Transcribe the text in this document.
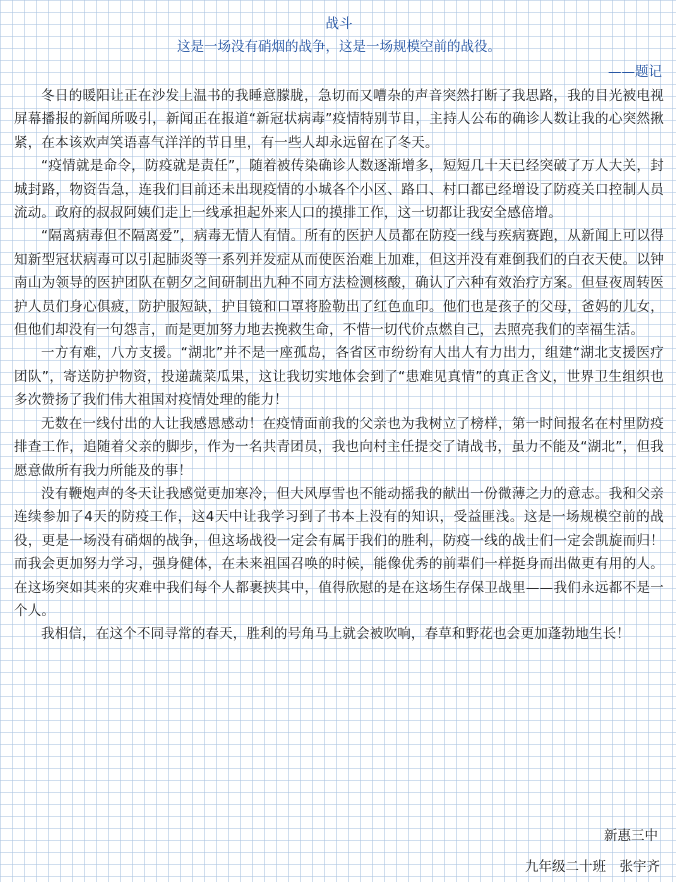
战斗

这是一场没有硝烟的战争，这是一场规模空前的战役。

——题记

冬日的暖阳让正在沙发上温书的我睡意朦胧，急切而又嘈杂的声音突然打断了我思路，我的目光被电视屏幕播报的新闻所吸引，新闻正在报道“新冠状病毒”疫情特别节目，主持人公布的确诊人数让我的心突然揪紧，在本该欢声笑语喜气洋洋的节日里，有一些人却永远留在了冬天。

“疫情就是命令，防疫就是责任”，随着被传染确诊人数逐渐增多，短短几十天已经突破了万人大关，封城封路，物资告急，连我们目前还未出现疫情的小城各个小区、路口、村口都已经增设了防疫关口控制人员流动。政府的叔叔阿姨们走上一线承担起外来人口的摸排工作，这一切都让我安全感倍增。

“隔离病毒但不隔离爱”，病毒无情人有情。所有的医护人员都在防疫一线与疾病赛跑，从新闻上可以得知新型冠状病毒可以引起肺炎等一系列并发症从而使医治难上加难，但这并没有难倒我们的白衣天使。以钟南山为领导的医护团队在朝夕之间研制出九种不同方法检测核酸，确认了六种有效治疗方案。但昼夜周转医护人员们身心俱疲，防护服短缺，护目镜和口罩将脸勒出了红色血印。他们也是孩子的父母，爸妈的儿女，但他们却没有一句怨言，而是更加努力地去挽救生命，不惜一切代价点燃自己，去照亮我们的幸福生活。

一方有难，八方支援。“湖北”并不是一座孤岛，各省区市纷纷有人出人有力出力，组建“湖北支援医疗团队”，寄送防护物资，投递蔬菜瓜果，这让我切实地体会到了“患难见真情”的真正含义，世界卫生组织也多次赞扬了我们伟大祖国对疫情处理的能力！

无数在一线付出的人让我感恩感动！在疫情面前我的父亲也为我树立了榜样，第一时间报名在村里防疫排查工作，追随着父亲的脚步，作为一名共青团员，我也向村主任提交了请战书，虽力不能及“湖北”，但我愿意做所有我力所能及的事！

没有鞭炮声的冬天让我感觉更加寒冷，但大风厚雪也不能动摇我的献出一份微薄之力的意志。我和父亲连续参加了4天的防疫工作，这4天中让我学习到了书本上没有的知识，受益匪浅。这是一场规模空前的战役，更是一场没有硝烟的战争，但这场战役一定会有属于我们的胜利，防疫一线的战士们一定会凯旋而归！而我会更加努力学习，强身健体，在未来祖国召唤的时候，能像优秀的前辈们一样挺身而出做更有用的人。在这场突如其来的灾难中我们每个人都裹挟其中，值得欣慰的是在这场生存保卫战里——我们永远都不是一个人。

我相信，在这个不同寻常的春天，胜利的号角马上就会被吹响，春草和野花也会更加蓬勃地生长！

新惠三中

九年级二十班　张宇齐
